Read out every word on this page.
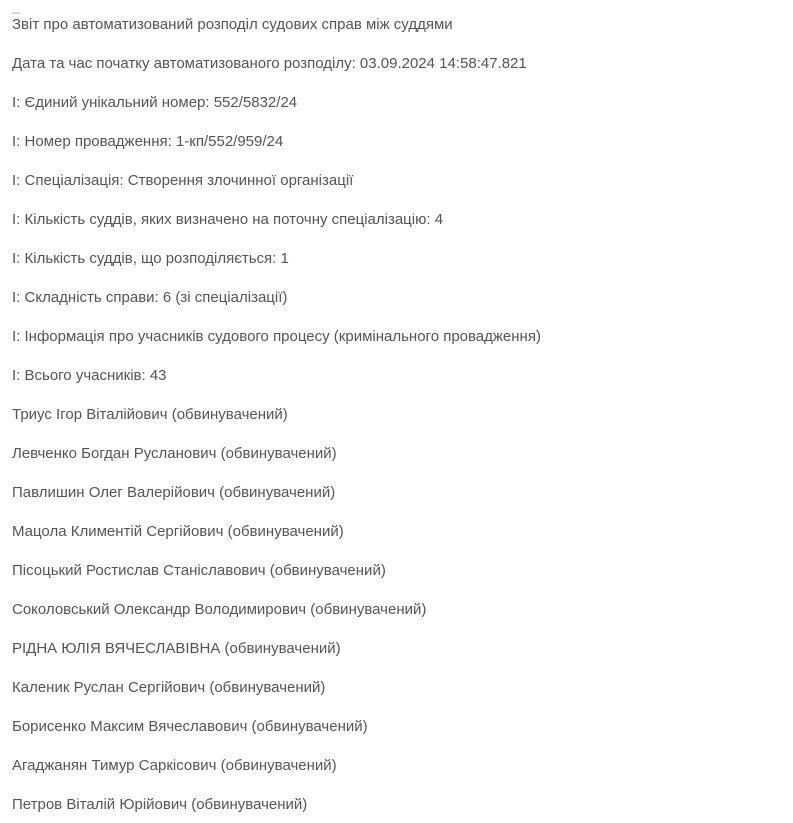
Звіт про автоматизований розподіл судових справ між суддями

Дата та час початку автоматизованого розподілу: 03.09.2024 14:58:47.821

І: Єдиний унікальний номер: 552/5832/24

І: Номер провадження: 1-кп/552/959/24

І: Спеціалізація: Створення злочинної організації

І: Кількість суддів, яких визначено на поточну спеціалізацію: 4

І: Кількість суддів, що розподіляється: 1

І: Складність справи: 6 (зі спеціалізації)

І: Інформація про учасників судового процесу (кримінального провадження)

І: Всього учасників: 43

Триус Ігор Віталійович (обвинувачений)

Левченко Богдан Русланович (обвинувачений)

Павлишин Олег Валерійович (обвинувачений)

Мацола Климентій Сергійович (обвинувачений)

Пісоцький Ростислав Станіславович (обвинувачений)

Соколовський Олександр Володимирович (обвинувачений)

РІДНА ЮЛІЯ ВЯЧЕСЛАВІВНА (обвинувачений)

Каленик Руслан Сергійович (обвинувачений)

Борисенко Максим Вячеславович (обвинувачений)

Агаджанян Тимур Саркісович (обвинувачений)

Петров Віталій Юрійович (обвинувачений)
